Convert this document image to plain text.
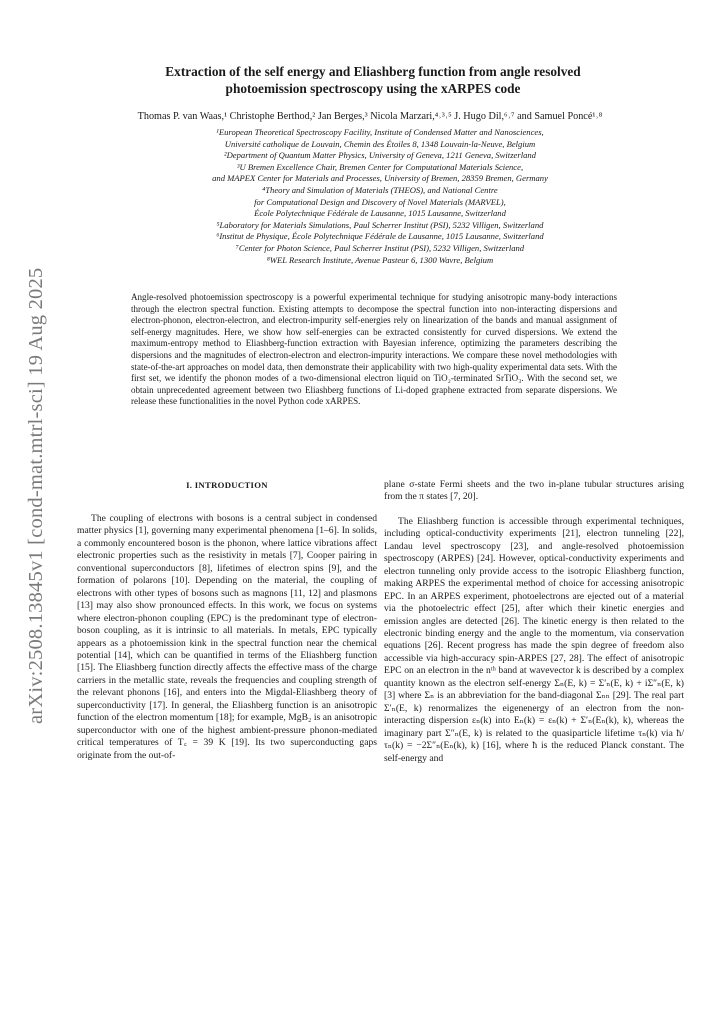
arXiv:2508.13845v1 [cond-mat.mtrl-sci] 19 Aug 2025
Extraction of the self energy and Eliashberg function from angle resolved
photoemission spectroscopy using the xARPES code
Thomas P. van Waas,¹ Christophe Berthod,² Jan Berges,³ Nicola Marzari,⁴˒³˒⁵ J. Hugo Dil,⁶˒⁷ and Samuel Poncé¹˒⁸
¹European Theoretical Spectroscopy Facility, Institute of Condensed Matter and Nanosciences,
Université catholique de Louvain, Chemin des Étoiles 8, 1348 Louvain-la-Neuve, Belgium
²Department of Quantum Matter Physics, University of Geneva, 1211 Geneva, Switzerland
³U Bremen Excellence Chair, Bremen Center for Computational Materials Science,
and MAPEX Center for Materials and Processes, University of Bremen, 28359 Bremen, Germany
⁴Theory and Simulation of Materials (THEOS), and National Centre
for Computational Design and Discovery of Novel Materials (MARVEL),
École Polytechnique Fédérale de Lausanne, 1015 Lausanne, Switzerland
⁵Laboratory for Materials Simulations, Paul Scherrer Institut (PSI), 5232 Villigen, Switzerland
⁶Institut de Physique, École Polytechnique Fédérale de Lausanne, 1015 Lausanne, Switzerland
⁷Center for Photon Science, Paul Scherrer Institut (PSI), 5232 Villigen, Switzerland
⁸WEL Research Institute, Avenue Pasteur 6, 1300 Wavre, Belgium
Angle-resolved photoemission spectroscopy is a powerful experimental technique for studying anisotropic many-body interactions through the electron spectral function. Existing attempts to decompose the spectral function into non-interacting dispersions and electron-phonon, electron-electron, and electron-impurity self-energies rely on linearization of the bands and manual assignment of self-energy magnitudes. Here, we show how self-energies can be extracted consistently for curved dispersions. We extend the maximum-entropy method to Eliashberg-function extraction with Bayesian inference, optimizing the parameters describing the dispersions and the magnitudes of electron-electron and electron-impurity interactions. We compare these novel methodologies with state-of-the-art approaches on model data, then demonstrate their applicability with two high-quality experimental data sets. With the first set, we identify the phonon modes of a two-dimensional electron liquid on TiO₂-terminated SrTiO₃. With the second set, we obtain unprecedented agreement between two Eliashberg functions of Li-doped graphene extracted from separate dispersions. We release these functionalities in the novel Python code xARPES.
I. INTRODUCTION

The coupling of electrons with bosons is a central subject in condensed matter physics [1], governing many experimental phenomena [1–6]. In solids, a commonly encountered boson is the phonon, where lattice vibrations affect electronic properties such as the resistivity in metals [7], Cooper pairing in conventional superconductors [8], lifetimes of electron spins [9], and the formation of polarons [10]. Depending on the material, the coupling of electrons with other types of bosons such as magnons [11, 12] and plasmons [13] may also show pronounced effects. In this work, we focus on systems where electron-phonon coupling (EPC) is the predominant type of electron-boson coupling, as it is intrinsic to all materials. In metals, EPC typically appears as a photoemission kink in the spectral function near the chemical potential [14], which can be quantified in terms of the Eliashberg function [15]. The Eliashberg function directly affects the effective mass of the charge carriers in the metallic state, reveals the frequencies and coupling strength of the relevant phonons [16], and enters into the Migdal-Eliashberg theory of superconductivity [17]. In general, the Eliashberg function is an anisotropic function of the electron momentum [18]; for example, MgB₂ is an anisotropic superconductor with one of the highest ambient-pressure phonon-mediated critical temperatures of T꜀ = 39 K [19]. Its two superconducting gaps originate from the out-of-

plane σ-state Fermi sheets and the two in-plane tubular structures arising from the π states [7, 20].

The Eliashberg function is accessible through experimental techniques, including optical-conductivity experiments [21], electron tunneling [22], Landau level spectroscopy [23], and angle-resolved photoemission spectroscopy (ARPES) [24]. However, optical-conductivity experiments and electron tunneling only provide access to the isotropic Eliashberg function, making ARPES the experimental method of choice for accessing anisotropic EPC. In an ARPES experiment, photoelectrons are ejected out of a material via the photoelectric effect [25], after which their kinetic energies and emission angles are detected [26]. The kinetic energy is then related to the electronic binding energy and the angle to the momentum, via conservation equations [26]. Recent progress has made the spin degree of freedom also accessible via high-accuracy spin-ARPES [27, 28]. The effect of anisotropic EPC on an electron in the nᵗʰ band at wavevector k is described by a complex quantity known as the electron self-energy Σₙ(E, k) = Σ′ₙ(E, k) + iΣ″ₙ(E, k) [3] where Σₙ is an abbreviation for the band-diagonal Σₙₙ [29]. The real part Σ′ₙ(E, k) renormalizes the eigenenergy of an electron from the non-interacting dispersion εₙ(k) into Eₙ(k) = εₙ(k) + Σ′ₙ(Eₙ(k), k), whereas the imaginary part Σ″ₙ(E, k) is related to the quasiparticle lifetime τₙ(k) via ħ/τₙ(k) = −2Σ″ₙ(Eₙ(k), k) [16], where ħ is the reduced Planck constant. The self-energy and
